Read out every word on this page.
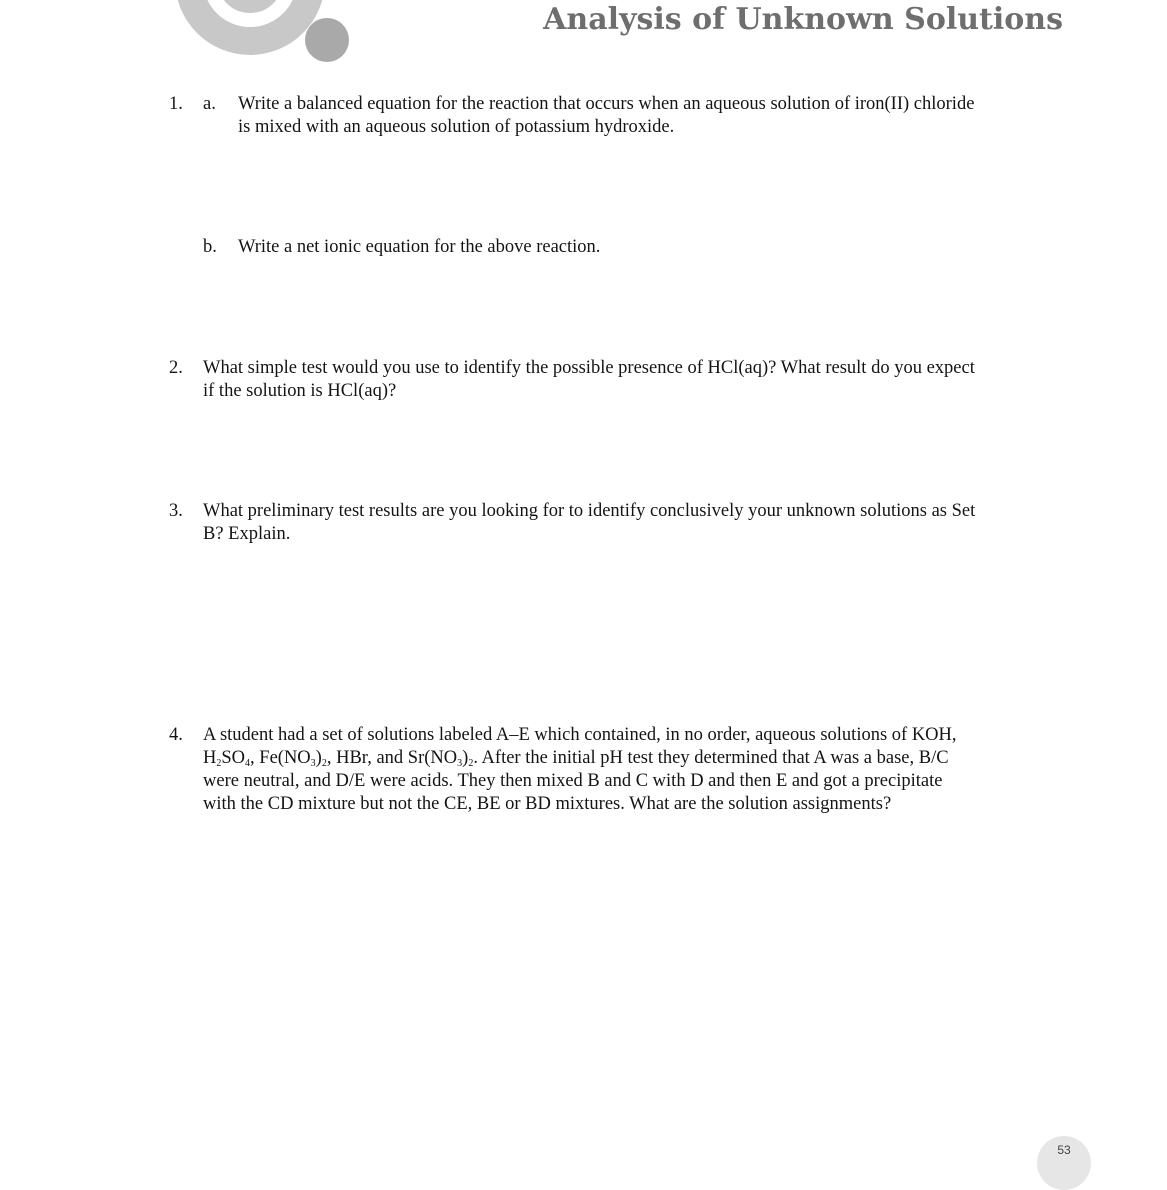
Analysis of Unknown Solutions
1.	a.	Write a balanced equation for the reaction that occurs when an aqueous solution of iron(II) chloride is mixed with an aqueous solution of potassium hydroxide.
b.	Write a net ionic equation for the above reaction.
2.	What simple test would you use to identify the possible presence of HCl(aq)? What result do you expect if the solution is HCl(aq)?
3.	What preliminary test results are you looking for to identify conclusively your unknown solutions as Set B? Explain.
4.	A student had a set of solutions labeled A–E which contained, in no order, aqueous solutions of KOH, $H_2SO_4$, $Fe(NO_3)_2$, HBr, and $Sr(NO_3)_2$. After the initial pH test they determined that A was a base, B/C were neutral, and D/E were acids. They then mixed B and C with D and then E and got a precipitate with the CD mixture but not the CE, BE or BD mixtures. What are the solution assignments?
53
